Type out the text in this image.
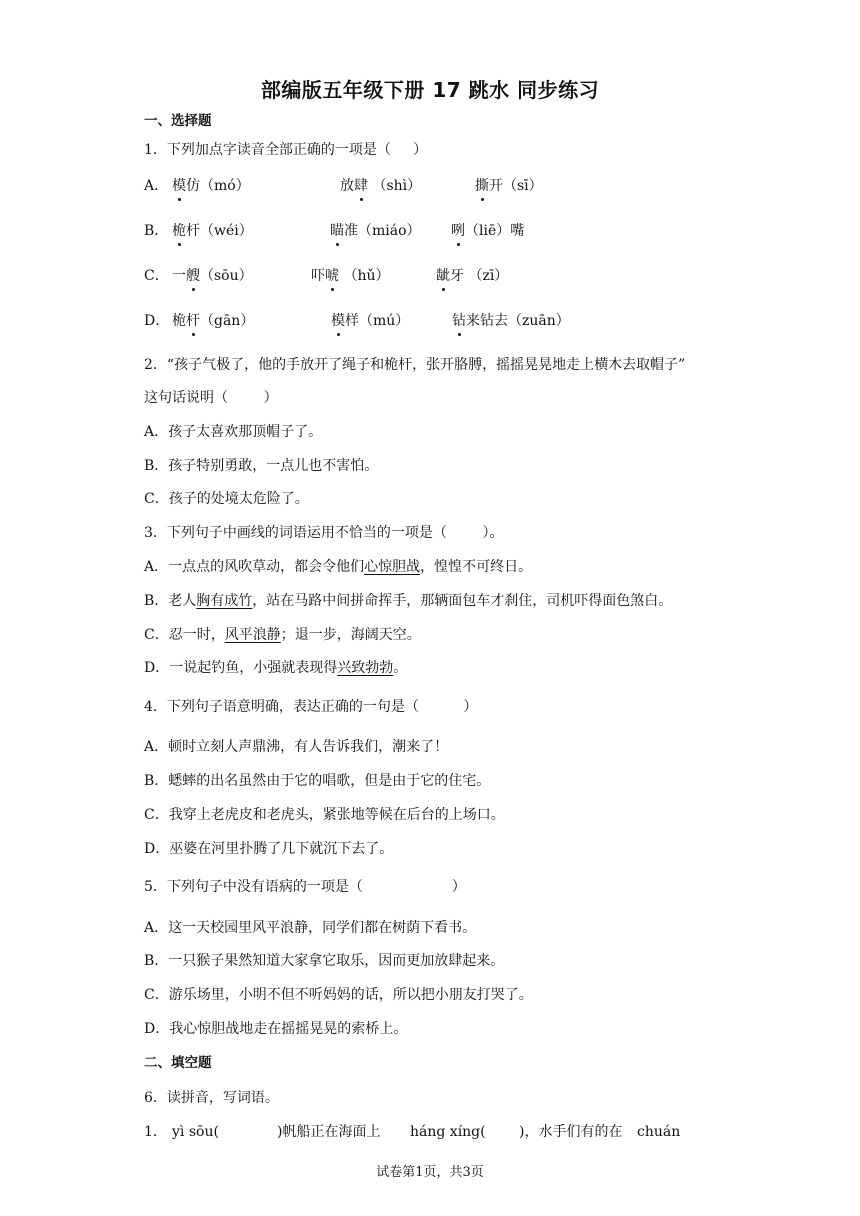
部编版五年级下册 17 跳水 同步练习
一、选择题
1．下列加点字读音全部正确的一项是（     ）
A． 模仿（mó）	放肆 （shì）	撕开（sī）
B． 桅杆（wéi）	瞄准（miáo） 咧（liē）嘴
C． 一艘（sōu）	吓唬 （hǔ）	龇牙 （zī）
D． 桅杆（gān）	模样（mú）	钻来钻去（zuān）
2．“孩子气极了，他的手放开了绳子和桅杆，张开胳膊，摇摇晃晃地走上横木去取帽子”
这句话说明（        ）
A．孩子太喜欢那顶帽子了。
B．孩子特别勇敢，一点儿也不害怕。
C．孩子的处境太危险了。
3．下列句子中画线的词语运用不恰当的一项是（        ）。
A．一点点的风吹草动，都会令他们心惊胆战，惶惶不可终日。
B．老人胸有成竹，站在马路中间拼命挥手，那辆面包车才刹住，司机吓得面色煞白。
C．忍一时，风平浪静；退一步，海阔天空。
D．一说起钓鱼，小强就表现得兴致勃勃。
4．下列句子语意明确，表达正确的一句是（          ）
A．顿时立刻人声鼎沸，有人告诉我们，潮来了！
B．蟋蟀的出名虽然由于它的唱歌，但是由于它的住宅。
C．我穿上老虎皮和老虎头，紧张地等候在后台的上场口。
D．巫婆在河里扑腾了几下就沉下去了。
5．下列句子中没有语病的一项是（                    ）
A．这一天校园里风平浪静，同学们都在树荫下看书。
B．一只猴子果然知道大家拿它取乐，因而更加放肆起来。
C．游乐场里，小明不但不听妈妈的话，所以把小朋友打哭了。
D．我心惊胆战地走在摇摇晃晃的索桥上。
二、填空题
6．读拼音，写词语。
1． yì sōu(	)帆船正在海面上 háng xíng( )，水手们有的在 chuán
试卷第1页，共3页
